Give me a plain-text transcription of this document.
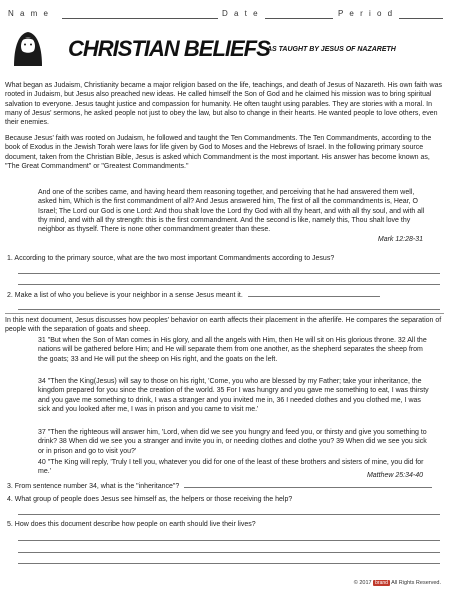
N a m e	D a t e	P e r i o d
CHRISTIAN BELIEFS
AS TAUGHT BY JESUS OF NAZARETH
What began as Judaism, Christianity became a major religion based on the life, teachings, and death of Jesus of Nazareth. His own faith was rooted in Judaism, but Jesus also preached new ideas. He called himself the Son of God and he claimed his mission was to bring spiritual salvation to everyone. Jesus taught justice and compassion for humanity. He often taught using parables. They are stories with a moral. In many of Jesus' sermons, he asked people not just to obey the law, but also to change in their hearts. He wanted people to love others, even their enemies.
Because Jesus' faith was rooted on Judaism, he followed and taught the Ten Commandments. The Ten Commandments, according to the book of Exodus in the Jewish Torah were laws for life given by God to Moses and the Hebrews of Israel. In the following primary source document, taken from the Christian Bible, Jesus is asked which Commandment is the most important. His answer has become known as, "The Great Commandment" or "Greatest Commandments."
And one of the scribes came, and having heard them reasoning together, and perceiving that he had answered them well, asked him, Which is the first commandment of all? And Jesus answered him, The first of all the commandments is, Hear, O Israel; The Lord our God is one Lord: And thou shalt love the Lord thy God with all thy heart, and with all thy soul, and with all thy mind, and with all thy strength: this is the first commandment. And the second is like, namely this, Thou shalt love thy neighbor as thyself. There is none other commandment greater than these.
Mark 12:28-31
1. According to the primary source, what are the two most important Commandments according to Jesus?
2. Make a list of who you believe is your neighbor in a sense Jesus meant it.
In this next document, Jesus discusses how peoples' behavior on earth affects their placement in the afterlife. He compares the separation of people with the separation of goats and sheep.
31 "But when the Son of Man comes in His glory, and all the angels with Him, then He will sit on His glorious throne. 32 All the nations will be gathered before Him; and He will separate them from one another, as the shepherd separates the sheep from the goats; 33 and He will put the sheep on His right, and the goats on the left.
34 "Then the King(Jesus) will say to those on his right, 'Come, you who are blessed by my Father; take your inheritance, the kingdom prepared for you since the creation of the world. 35 For I was hungry and you gave me something to eat, I was thirsty and you gave me something to drink, I was a stranger and you invited me in, 36 I needed clothes and you clothed me, I was sick and you looked after me, I was in prison and you came to visit me.'
37 "Then the righteous will answer him, 'Lord, when did we see you hungry and feed you, or thirsty and give you something to drink? 38 When did we see you a stranger and invite you in, or needing clothes and clothe you? 39 When did we see you sick or in prison and go to visit you?'
40 "The King will reply, 'Truly I tell you, whatever you did for one of the least of these brothers and sisters of mine, you did for me.'
Matthew 25:34-40
3. From sentence number 34, what is the "inheritance"?
4. What group of people does Jesus see himself as, the helpers or those receiving the help?
5. How does this document describe how people on earth should live their lives?
© 2017 brand All Rights Reserved.
